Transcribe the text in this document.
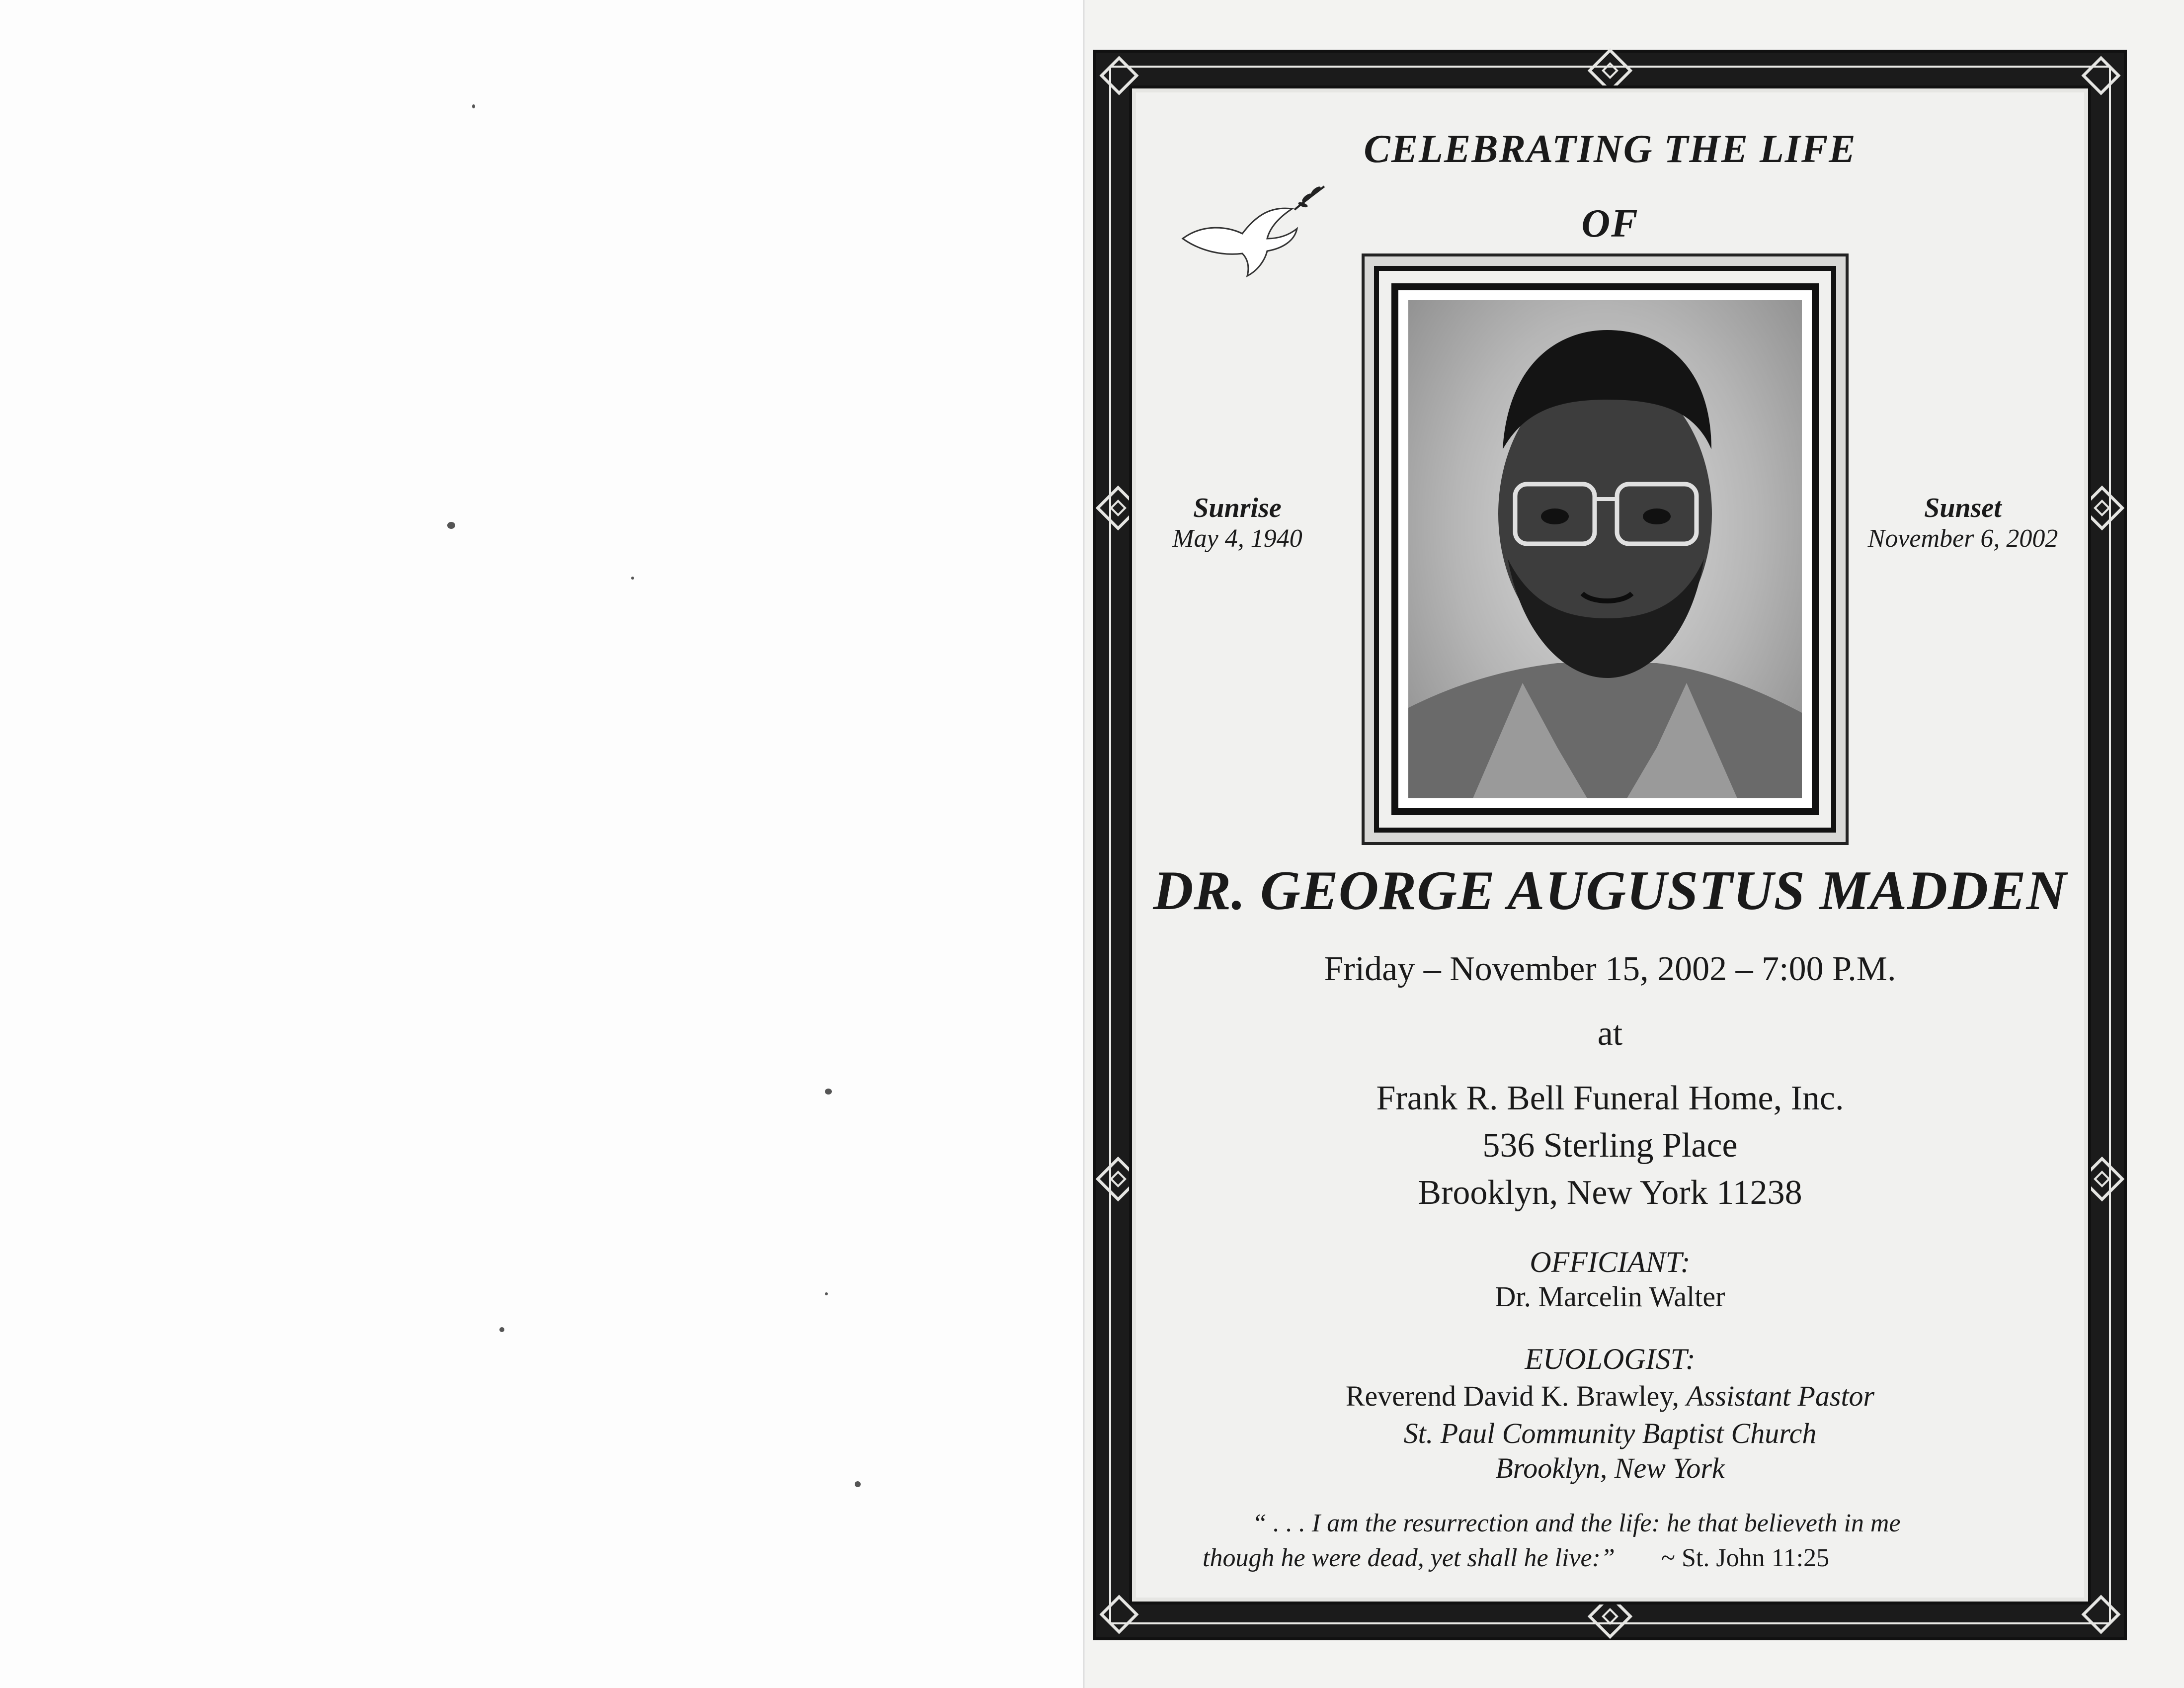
CELEBRATING THE LIFE
OF
Sunrise
May 4, 1940
Sunset
November 6, 2002
DR. GEORGE AUGUSTUS MADDEN
Friday – November 15, 2002 – 7:00 P.M.
at
Frank R. Bell Funeral Home, Inc.
536 Sterling Place
Brooklyn, New York 11238
OFFICIANT:
Dr. Marcelin Walter
EUOLOGIST:
Reverend David K. Brawley, Assistant Pastor
St. Paul Community Baptist Church
Brooklyn, New York
“ . . . I am the resurrection and the life: he that believeth in me
though he were dead, yet shall he live:” ~ St. John 11:25
